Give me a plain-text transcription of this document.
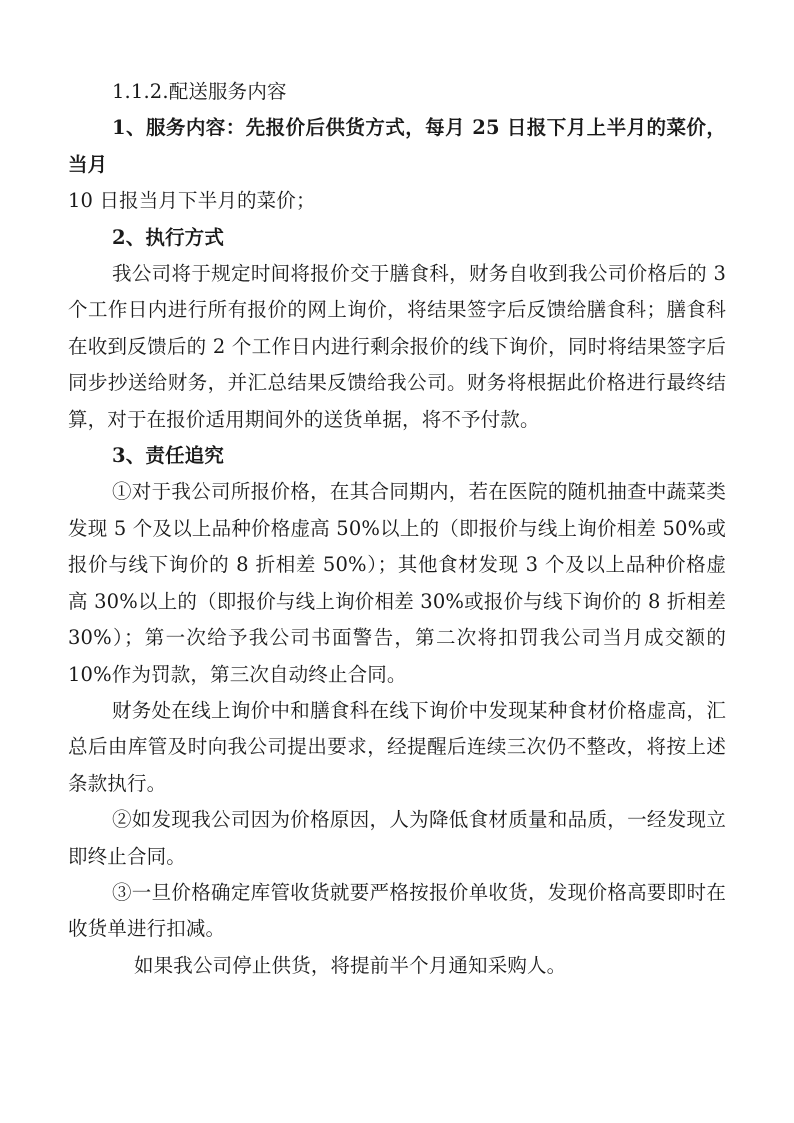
1.1.2.配送服务内容

1、服务内容：先报价后供货方式，每月 25 日报下月上半月的菜价，当月

10 日报当月下半月的菜价；

2、执行方式

我公司将于规定时间将报价交于膳食科，财务自收到我公司价格后的 3 个工作日内进行所有报价的网上询价，将结果签字后反馈给膳食科；膳食科在收到反馈后的 2 个工作日内进行剩余报价的线下询价，同时将结果签字后同步抄送给财务，并汇总结果反馈给我公司。财务将根据此价格进行最终结算，对于在报价适用期间外的送货单据，将不予付款。

3、责任追究

①对于我公司所报价格，在其合同期内，若在医院的随机抽查中蔬菜类发现 5 个及以上品种价格虚高 50%以上的（即报价与线上询价相差 50%或报价与线下询价的 8 折相差 50%）；其他食材发现 3 个及以上品种价格虚高 30%以上的（即报价与线上询价相差 30%或报价与线下询价的 8 折相差 30%）；第一次给予我公司书面警告，第二次将扣罚我公司当月成交额的 10%作为罚款，第三次自动终止合同。

财务处在线上询价中和膳食科在线下询价中发现某种食材价格虚高，汇总后由库管及时向我公司提出要求，经提醒后连续三次仍不整改，将按上述条款执行。

②如发现我公司因为价格原因，人为降低食材质量和品质，一经发现立即终止合同。

③一旦价格确定库管收货就要严格按报价单收货，发现价格高要即时在收货单进行扣减。

如果我公司停止供货，将提前半个月通知采购人。
